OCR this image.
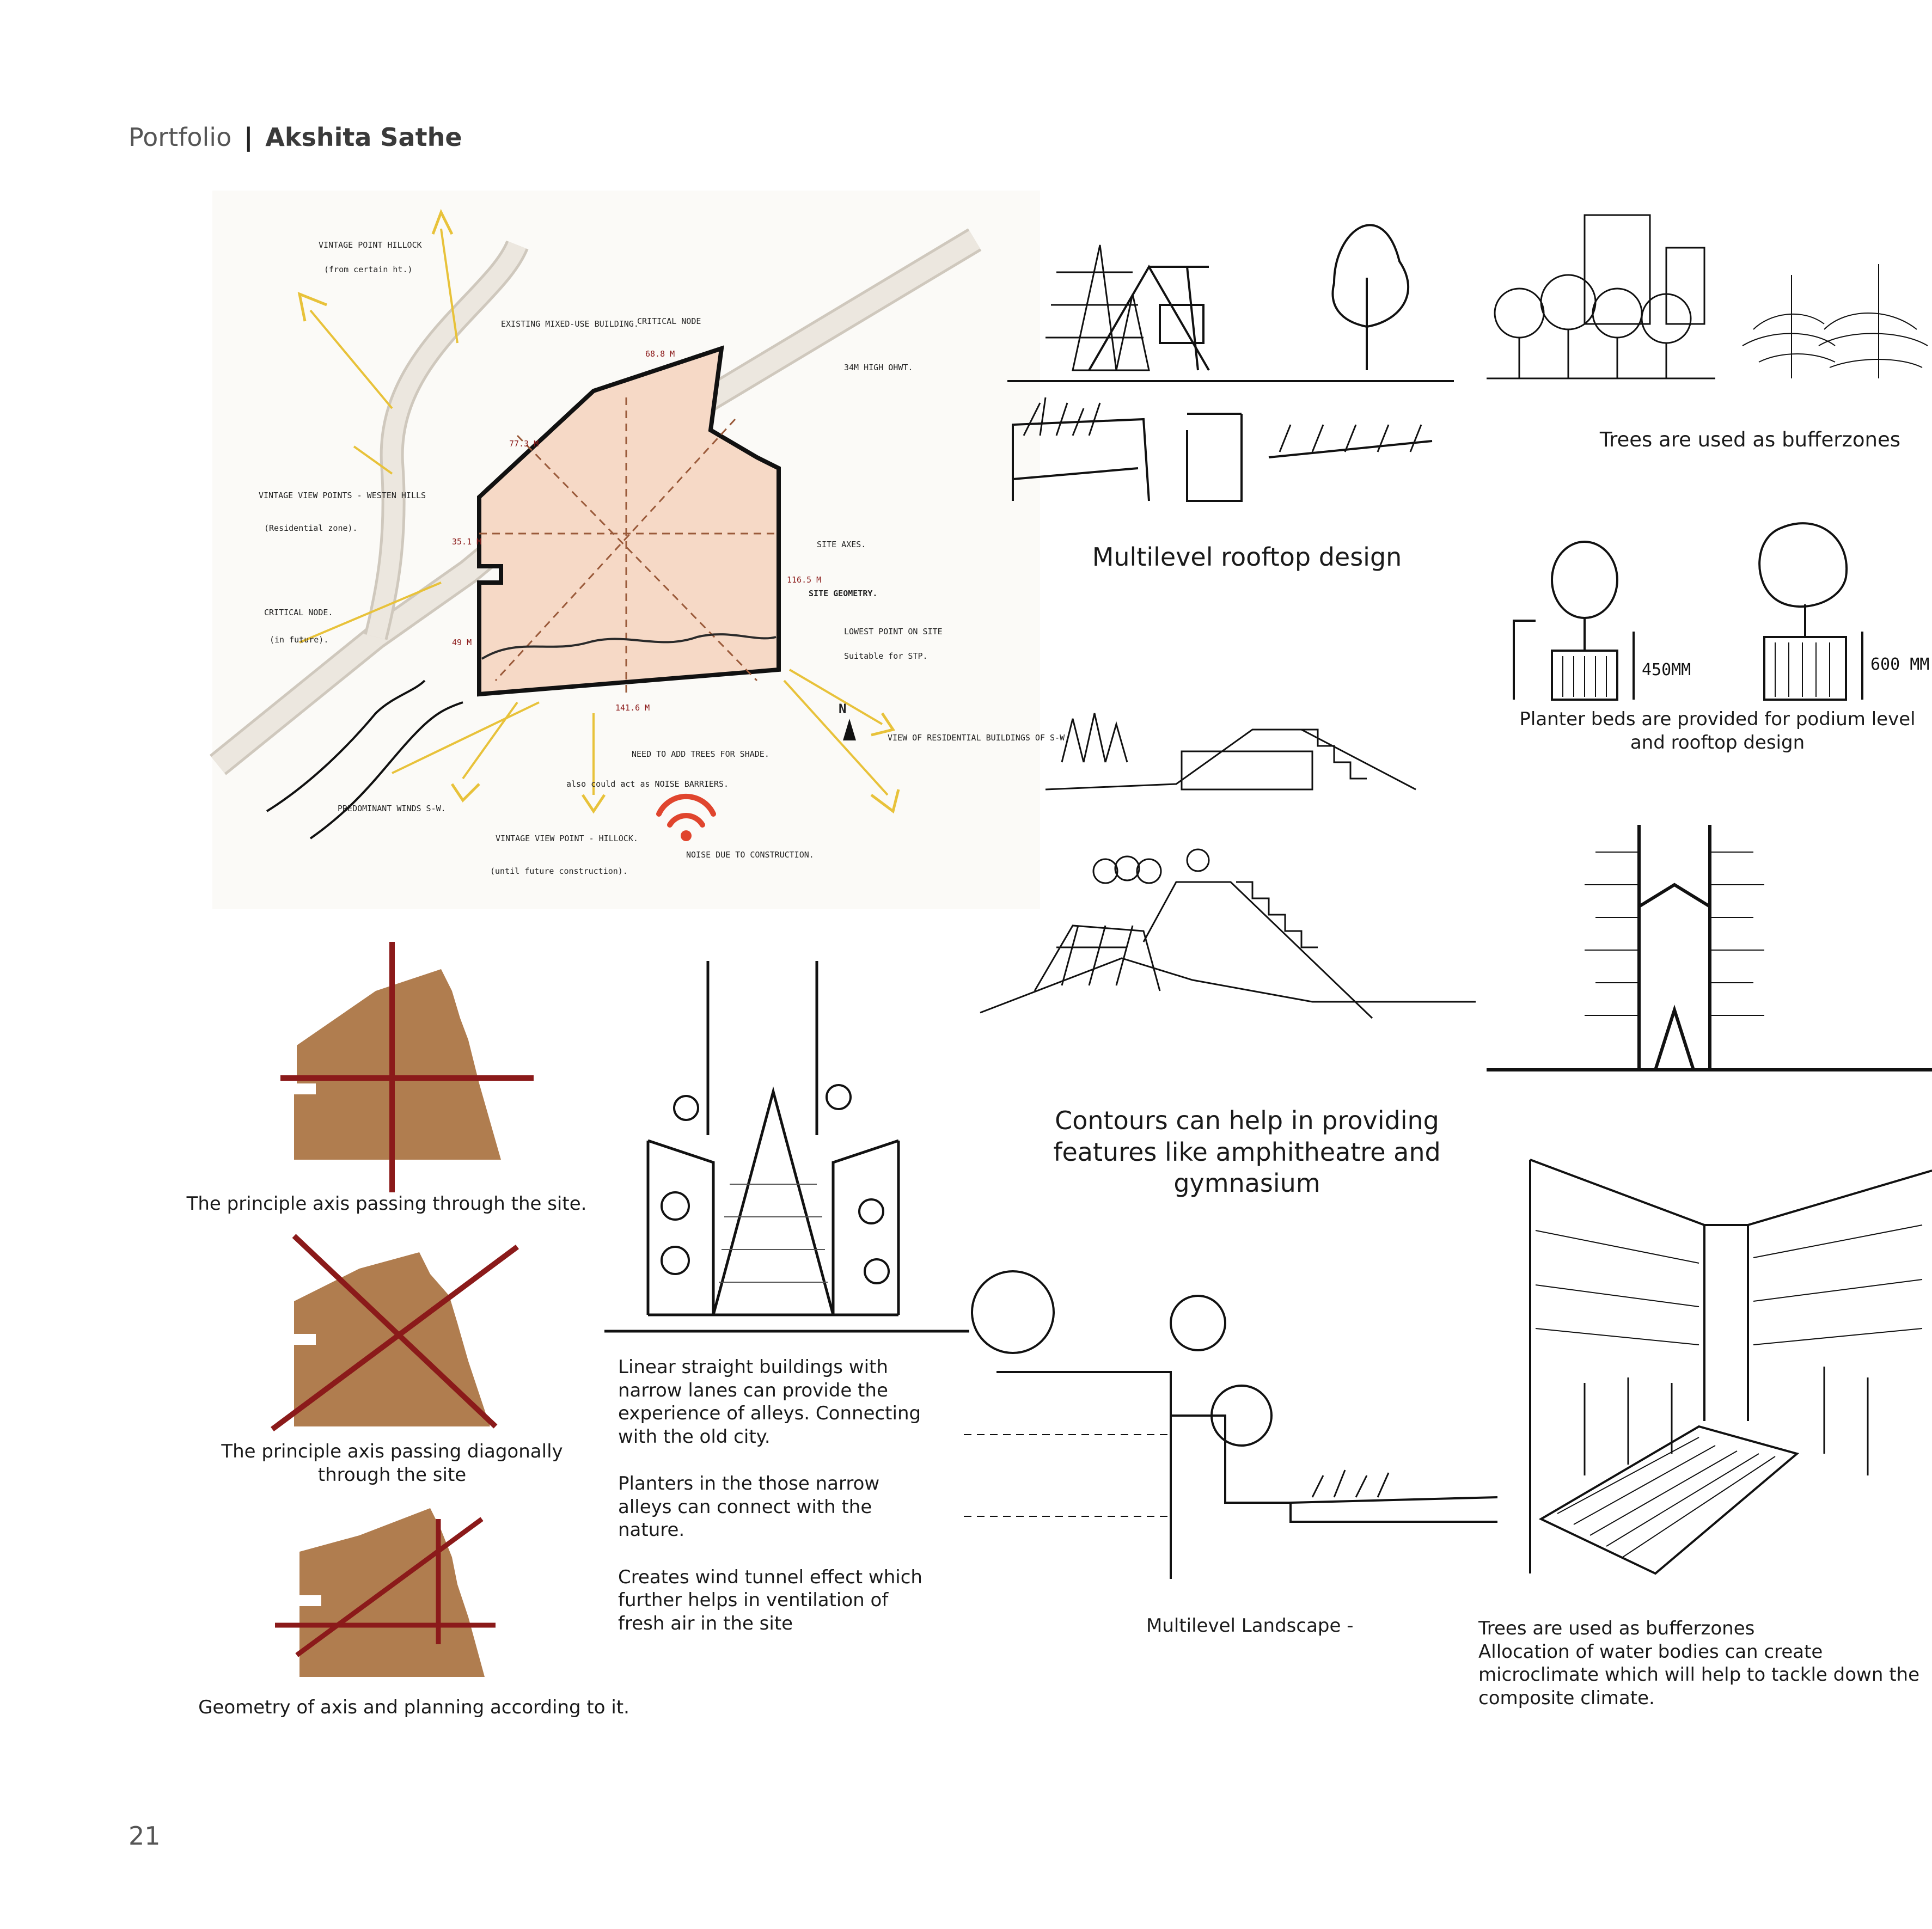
Portfolio | Akshita Sathe
VINTAGE POINT HILLOCK
(from certain ht.)
EXISTING MIXED-USE BUILDING.
CRITICAL NODE
34M HIGH OHWT.
VINTAGE VIEW POINTS - WESTEN HILLS
(Residential zone).
CRITICAL NODE.
(in future).
SITE AXES.
SITE GEOMETRY.
LOWEST POINT ON SITE
Suitable for STP.
VIEW OF RESIDENTIAL BUILDINGS OF S-W.
NEED TO ADD TREES FOR SHADE.
also could act as NOISE BARRIERS.
PREDOMINANT WINDS S-W.
VINTAGE VIEW POINT - HILLOCK.
(until future construction).
NOISE DUE TO CONSTRUCTION.
N
68.8 M
77.3 M
35.1 M
49 M
116.5 M
141.6 M
The principle axis passing through the site.
The principle axis passing diagonally through the site
Geometry of axis and planning according to it.

Linear straight buildings with narrow lanes can provide the experience of alleys. Connecting with the old city.

Planters in the those narrow alleys can connect with the nature.

Creates wind tunnel effect which further helps in ventilation of fresh air in the site

Multilevel rooftop design
Contours can help in providing features like amphitheatre and gymnasium
Multilevel Landscape -
Trees are used as bufferzones
450MM	600 MM
Planter beds are provided for podium level and rooftop design
Trees are used as bufferzones
Allocation of water bodies can create microclimate which will help to tackle down the composite climate.
21
